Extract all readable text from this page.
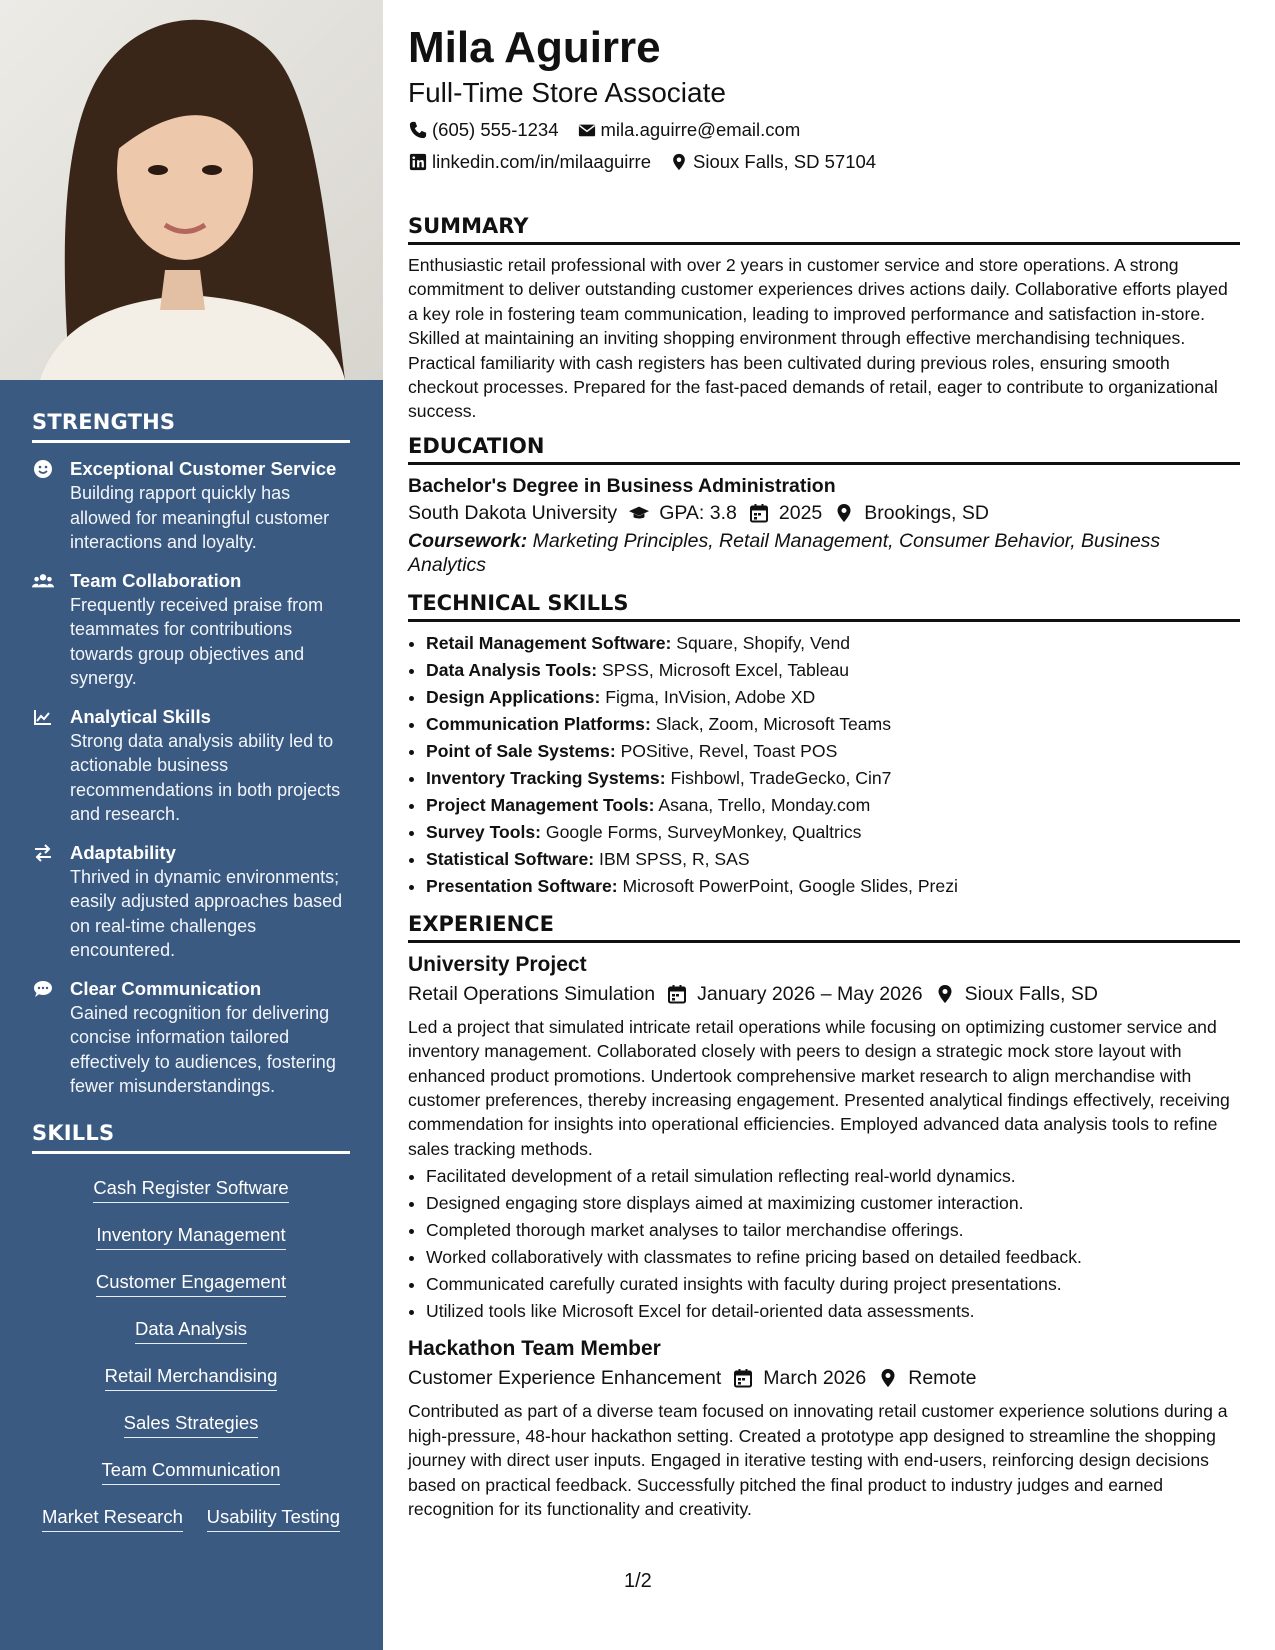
STRENGTHS
Exceptional Customer Service
Building rapport quickly has allowed for meaningful customer interactions and loyalty.
Team Collaboration
Frequently received praise from teammates for contributions towards group objectives and synergy.
Analytical Skills
Strong data analysis ability led to actionable business recommendations in both projects and research.
Adaptability
Thrived in dynamic environments; easily adjusted approaches based on real-time challenges encountered.
Clear Communication
Gained recognition for delivering concise information tailored effectively to audiences, fostering fewer misunderstandings.
SKILLS
Cash Register Software
Inventory Management
Customer Engagement
Data Analysis
Retail Merchandising
Sales Strategies
Team Communication
Market Research Usability Testing
Mila Aguirre
Full-Time Store Associate
(605) 555-1234 mila.aguirre@email.com
linkedin.com/in/milaaguirre Sioux Falls, SD 57104
SUMMARY

Enthusiastic retail professional with over 2 years in customer service and store operations. A strong commitment to deliver outstanding customer experiences drives actions daily. Collaborative efforts played a key role in fostering team communication, leading to improved performance and satisfaction in-store. Skilled at maintaining an inviting shopping environment through effective merchandising techniques. Practical familiarity with cash registers has been cultivated during previous roles, ensuring smooth checkout processes. Prepared for the fast-paced demands of retail, eager to contribute to organizational success.

EDUCATION
Bachelor's Degree in Business Administration
South Dakota University GPA: 3.8 2025 Brookings, SD
Coursework: Marketing Principles, Retail Management, Consumer Behavior, Business Analytics
TECHNICAL SKILLS
• Retail Management Software: Square, Shopify, Vend
• Data Analysis Tools: SPSS, Microsoft Excel, Tableau
• Design Applications: Figma, InVision, Adobe XD
• Communication Platforms: Slack, Zoom, Microsoft Teams
• Point of Sale Systems: POSitive, Revel, Toast POS
• Inventory Tracking Systems: Fishbowl, TradeGecko, Cin7
• Project Management Tools: Asana, Trello, Monday.com
• Survey Tools: Google Forms, SurveyMonkey, Qualtrics
• Statistical Software: IBM SPSS, R, SAS
• Presentation Software: Microsoft PowerPoint, Google Slides, Prezi
EXPERIENCE
University Project
Retail Operations Simulation January 2026 – May 2026 Sioux Falls, SD
Led a project that simulated intricate retail operations while focusing on optimizing customer service and inventory management. Collaborated closely with peers to design a strategic mock store layout with enhanced product promotions. Undertook comprehensive market research to align merchandise with customer preferences, thereby increasing engagement. Presented analytical findings effectively, receiving commendation for insights into operational efficiencies. Employed advanced data analysis tools to refine sales tracking methods.
• Facilitated development of a retail simulation reflecting real-world dynamics.
• Designed engaging store displays aimed at maximizing customer interaction.
• Completed thorough market analyses to tailor merchandise offerings.
• Worked collaboratively with classmates to refine pricing based on detailed feedback.
• Communicated carefully curated insights with faculty during project presentations.
• Utilized tools like Microsoft Excel for detail-oriented data assessments.
Hackathon Team Member
Customer Experience Enhancement March 2026 Remote
Contributed as part of a diverse team focused on innovating retail customer experience solutions during a high-pressure, 48-hour hackathon setting. Created a prototype app designed to streamline the shopping journey with direct user inputs. Engaged in iterative testing with end-users, reinforcing design decisions based on practical feedback. Successfully pitched the final product to industry judges and earned recognition for its functionality and creativity.
1/2
